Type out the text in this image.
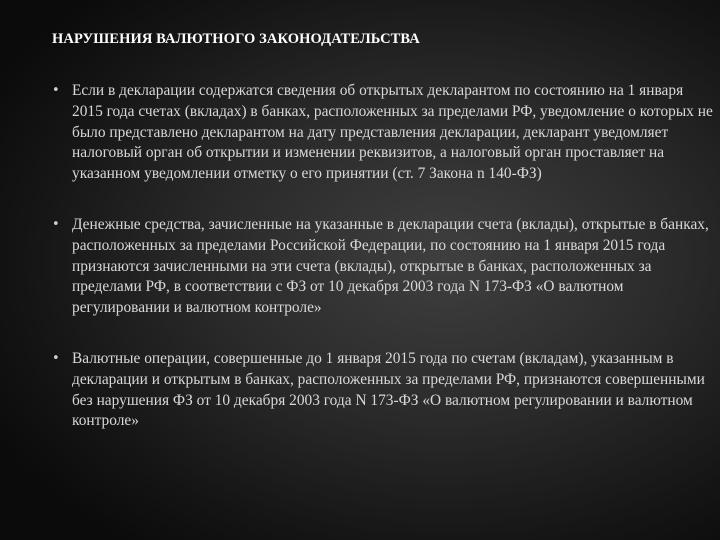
НАРУШЕНИЯ ВАЛЮТНОГО ЗАКОНОДАТЕЛЬСТВА
• Если в декларации содержатся сведения об открытых декларантом по состоянию на 1 января 2015 года счетах (вкладах) в банках, расположенных за пределами РФ, уведомление о которых не было представлено декларантом на дату представления декларации, декларант уведомляет налоговый орган об открытии и изменении реквизитов, а налоговый орган проставляет на указанном уведомлении отметку о его принятии (ст. 7 Закона n 140-ФЗ)
• Денежные средства, зачисленные на указанные в декларации счета (вклады), открытые в банках, расположенных за пределами Российской Федерации, по состоянию на 1 января 2015 года признаются зачисленными на эти счета (вклады), открытые в банках, расположенных за пределами РФ, в соответствии с ФЗ от 10 декабря 2003 года N 173-ФЗ «О валютном регулировании и валютном контроле»
• Валютные операции, совершенные до 1 января 2015 года по счетам (вкладам), указанным в декларации и открытым в банках, расположенных за пределами РФ, признаются совершенными без нарушения ФЗ от 10 декабря 2003 года N 173-ФЗ «О валютном регулировании и валютном контроле»
